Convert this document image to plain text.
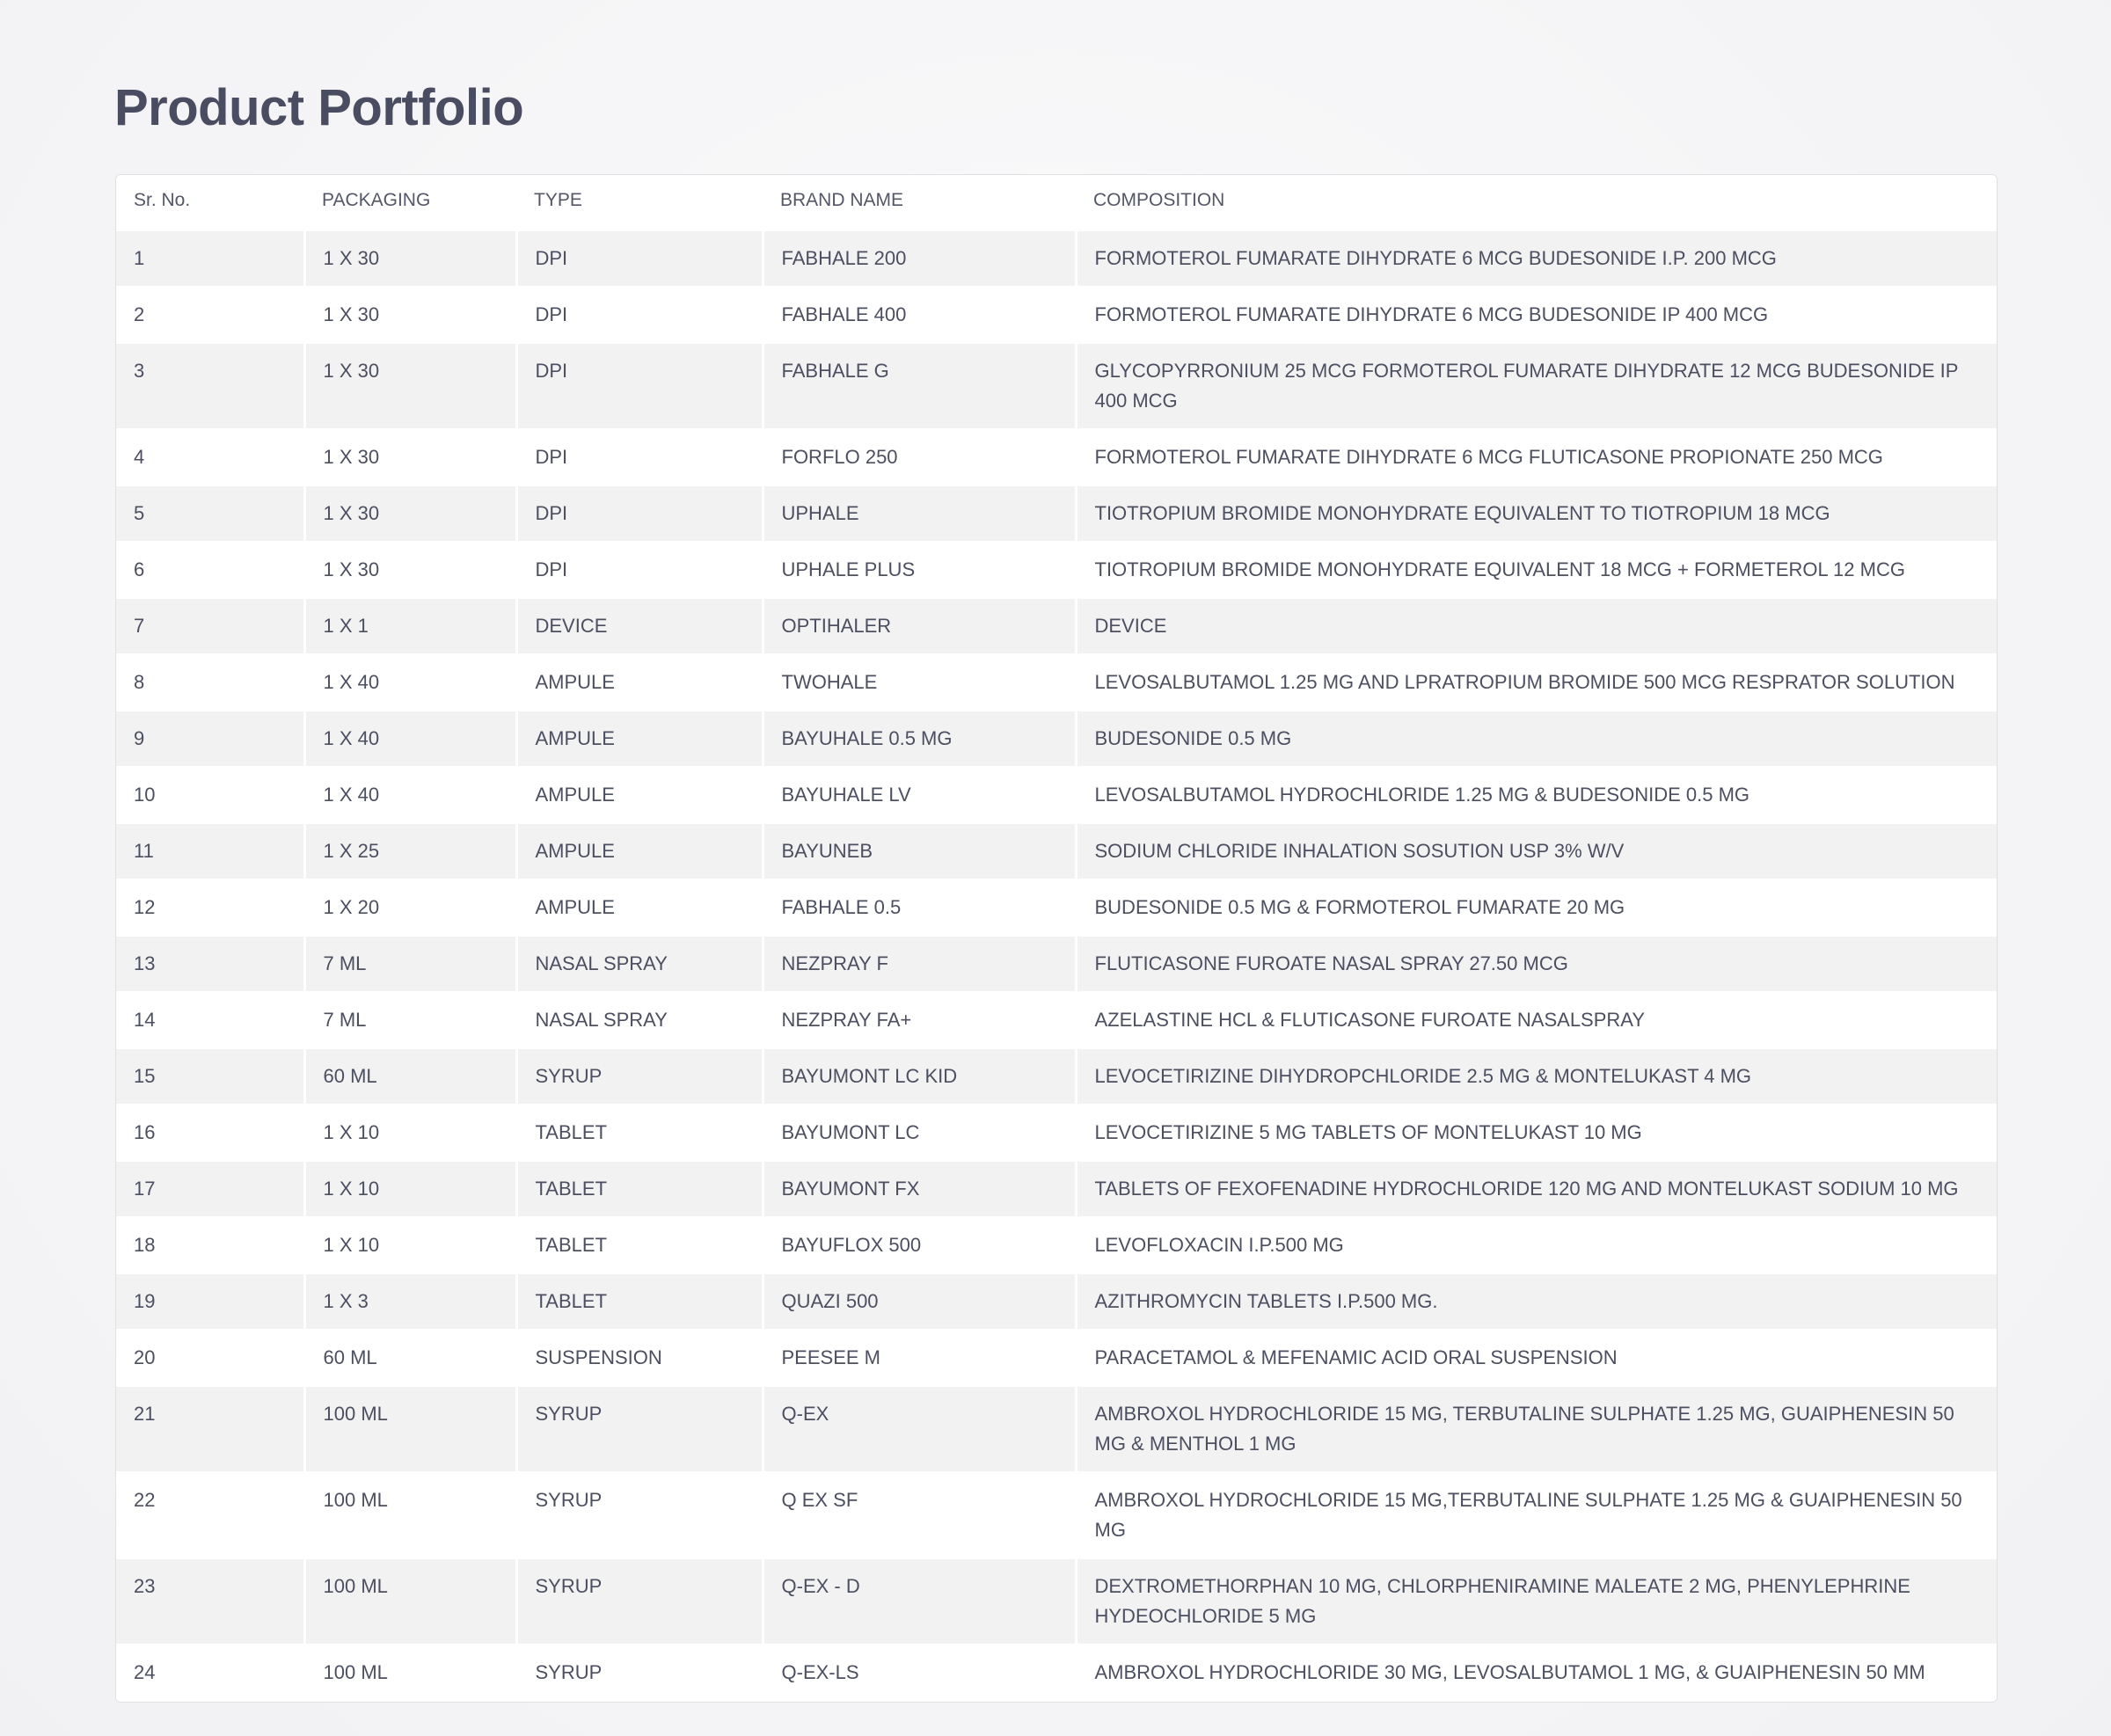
Product Portfolio
Sr. No.	PACKAGING	TYPE	BRAND NAME	COMPOSITION
1	1 X 30	DPI	FABHALE 200	FORMOTEROL FUMARATE DIHYDRATE 6 MCG BUDESONIDE I.P. 200 MCG
2	1 X 30	DPI	FABHALE 400	FORMOTEROL FUMARATE DIHYDRATE 6 MCG BUDESONIDE IP 400 MCG
3	1 X 30	DPI	FABHALE G	GLYCOPYRRONIUM 25 MCG FORMOTEROL FUMARATE DIHYDRATE 12 MCG BUDESONIDE IP 400 MCG
4	1 X 30	DPI	FORFLO 250	FORMOTEROL FUMARATE DIHYDRATE 6 MCG FLUTICASONE PROPIONATE 250 MCG
5	1 X 30	DPI	UPHALE	TIOTROPIUM BROMIDE MONOHYDRATE EQUIVALENT TO TIOTROPIUM 18 MCG
6	1 X 30	DPI	UPHALE PLUS	TIOTROPIUM BROMIDE MONOHYDRATE EQUIVALENT 18 MCG + FORMETEROL 12 MCG
7	1 X 1	DEVICE	OPTIHALER	DEVICE
8	1 X 40	AMPULE	TWOHALE	LEVOSALBUTAMOL 1.25 MG AND LPRATROPIUM BROMIDE 500 MCG RESPRATOR SOLUTION
9	1 X 40	AMPULE	BAYUHALE 0.5 MG	BUDESONIDE 0.5 MG
10	1 X 40	AMPULE	BAYUHALE LV	LEVOSALBUTAMOL HYDROCHLORIDE 1.25 MG & BUDESONIDE 0.5 MG
11	1 X 25	AMPULE	BAYUNEB	SODIUM CHLORIDE INHALATION SOSUTION USP 3% W/V
12	1 X 20	AMPULE	FABHALE 0.5	BUDESONIDE 0.5 MG & FORMOTEROL FUMARATE 20 MG
13	7 ML	NASAL SPRAY	NEZPRAY F	FLUTICASONE FUROATE NASAL SPRAY 27.50 MCG
14	7 ML	NASAL SPRAY	NEZPRAY FA+	AZELASTINE HCL & FLUTICASONE FUROATE NASALSPRAY
15	60 ML	SYRUP	BAYUMONT LC KID	LEVOCETIRIZINE DIHYDROPCHLORIDE 2.5 MG & MONTELUKAST 4 MG
16	1 X 10	TABLET	BAYUMONT LC	LEVOCETIRIZINE 5 MG TABLETS OF MONTELUKAST 10 MG
17	1 X 10	TABLET	BAYUMONT FX	TABLETS OF FEXOFENADINE HYDROCHLORIDE 120 MG AND MONTELUKAST SODIUM 10 MG
18	1 X 10	TABLET	BAYUFLOX 500	LEVOFLOXACIN I.P.500 MG
19	1 X 3	TABLET	QUAZI 500	AZITHROMYCIN TABLETS I.P.500 MG.
20	60 ML	SUSPENSION	PEESEE M	PARACETAMOL & MEFENAMIC ACID ORAL SUSPENSION
21	100 ML	SYRUP	Q-EX	AMBROXOL HYDROCHLORIDE 15 MG, TERBUTALINE SULPHATE 1.25 MG, GUAIPHENESIN 50 MG & MENTHOL 1 MG
22	100 ML	SYRUP	Q EX SF	AMBROXOL HYDROCHLORIDE 15 MG,TERBUTALINE SULPHATE 1.25 MG & GUAIPHENESIN 50 MG
23	100 ML	SYRUP	Q-EX - D	DEXTROMETHORPHAN 10 MG, CHLORPHENIRAMINE MALEATE 2 MG, PHENYLEPHRINE HYDEOCHLORIDE 5 MG
24	100 ML	SYRUP	Q-EX-LS	AMBROXOL HYDROCHLORIDE 30 MG, LEVOSALBUTAMOL 1 MG, & GUAIPHENESIN 50 MM
